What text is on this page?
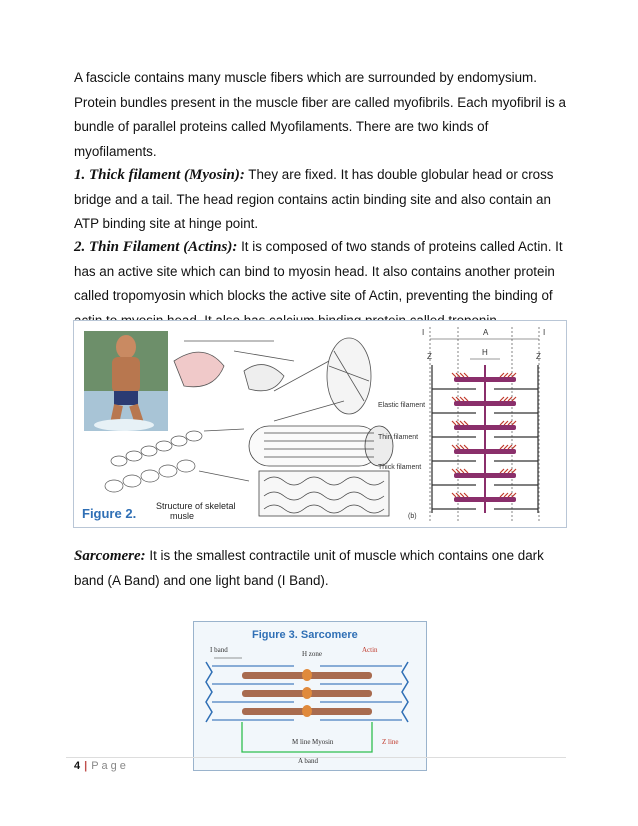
A fascicle contains many muscle fibers which are surrounded by endomysium. Protein bundles present in the muscle fiber are called myofibrils. Each myofibril is a bundle of parallel proteins called Myofilaments. There are two kinds of myofilaments.
1. Thick filament (Myosin): They are fixed. It has double globular head or cross bridge and a tail. The head region contains actin binding site and also contain an ATP binding site at hinge point.
2. Thin Filament (Actins): It is composed of two stands of proteins called Actin. It has an active site which can bind to myosin head. It also contains another protein called tropomyosin which blocks the active site of Actin, preventing the binding of
Figure 2. Structure of skeletal
musle
I	A	I
H
Z	Z
Elastic filament
Thin filament
Thick filament
(b)
Sarcomere: It is the smallest contractile unit of muscle which contains one dark band (A Band) and one light band (I Band).
Figure 3. Sarcomere
I band	H zone	Actin
M line Myosin	Z line
A band
4 | Page
